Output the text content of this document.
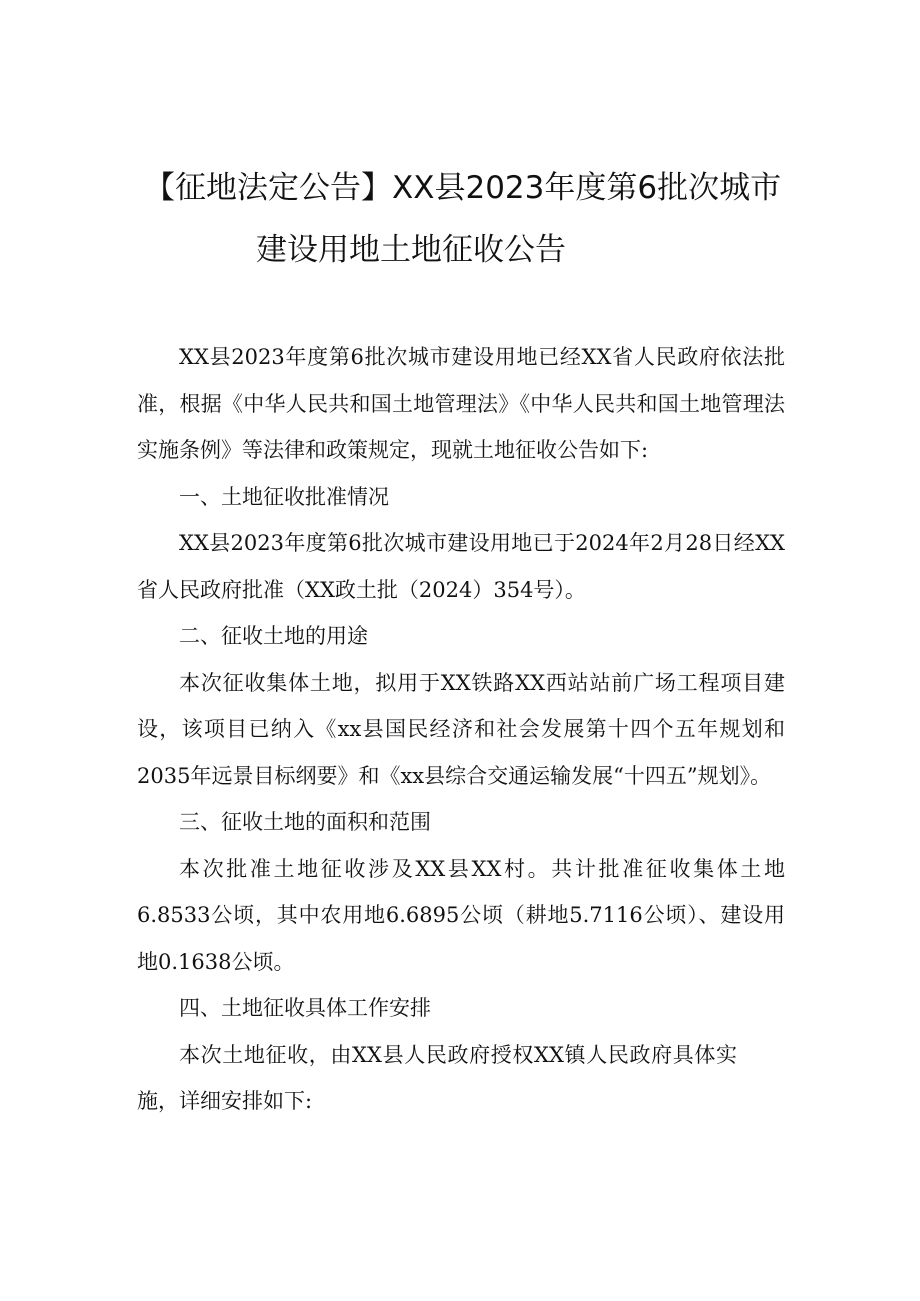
【征地法定公告】XX县2023年度第6批次城市
建设用地土地征收公告

XX县2023年度第6批次城市建设用地已经XX省人民政府依法批准，根据《中华人民共和国土地管理法》《中华人民共和国土地管理法实施条例》等法律和政策规定，现就土地征收公告如下:

一、土地征收批准情况

XX县2023年度第6批次城市建设用地已于2024年2月28日经XX省人民政府批准（XX政土批（2024）354号）。

二、征收土地的用途

本次征收集体土地，拟用于XX铁路XX西站站前广场工程项目建设，该项目已纳入《xx县国民经济和社会发展第十四个五年规划和2035年远景目标纲要》和《xx县综合交通运输发展“十四五”规划》。

三、征收土地的面积和范围

本次批准土地征收涉及XX县XX村。共计批准征收集体土地6.8533公顷，其中农用地6.6895公顷（耕地5.7116公顷）、建设用地0.1638公顷。

四、土地征收具体工作安排

本次土地征收，由XX县人民政府授权XX镇人民政府具体实施，详细安排如下:
